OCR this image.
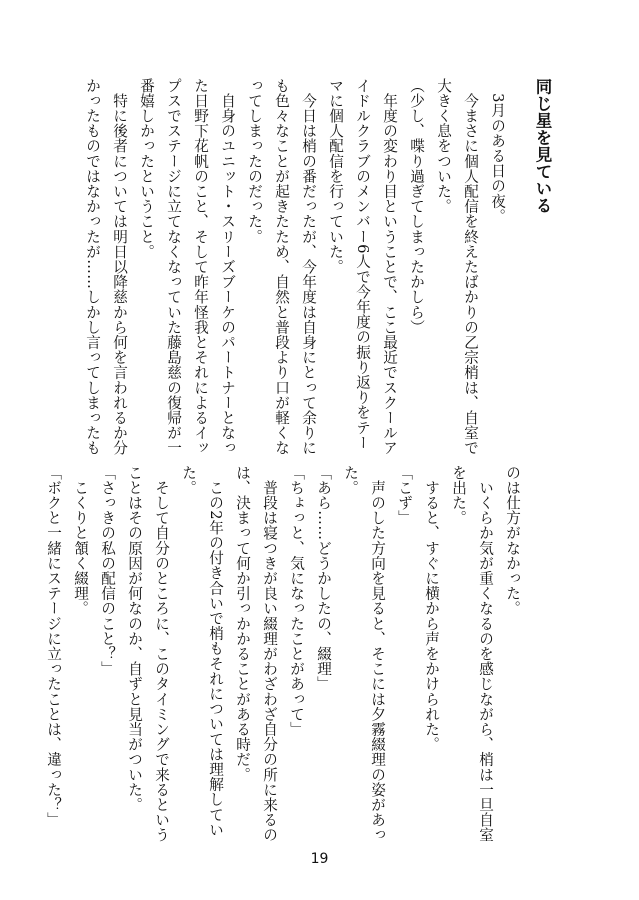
同じ星を見ている
　3月のある日の夜。
　今まさに個人配信を終えたばかりの乙宗梢は、自室で
大きく息をついた。
（少し、喋り過ぎてしまったかしら）
　年度の変わり目ということで、ここ最近でスクールア
イドルクラブのメンバー6人で今年度の振り返りをテー
マに個人配信を行っていた。
　今日は梢の番だったが、今年度は自身にとって余りに
も色々なことが起きたため、自然と普段より口が軽くな
ってしまったのだった。
　自身のユニット・スリーズブーケのパートナーとなっ
た日野下花帆のこと、そして昨年怪我とそれによるイッ
プスでステージに立てなくなっていた藤島慈の復帰が一
番嬉しかったということ。
　特に後者については明日以降慈から何を言われるか分
かったものではなかったが……しかし言ってしまったも
のは仕方がなかった。
　いくらか気が重くなるのを感じながら、梢は一旦自室
を出た。
　すると、すぐに横から声をかけられた。
「こず」
　声のした方向を見ると、そこには夕霧綴理の姿があっ
た。
「あら……どうかしたの、綴理」
「ちょっと、気になったことがあって」
　普段は寝つきが良い綴理がわざわざ自分の所に来るの
は、決まって何か引っかかることがある時だ。
　この2年の付き合いで梢もそれについては理解してい
た。
　そして自分のところに、このタイミングで来るという
ことはその原因が何なのか、自ずと見当がついた。
「さっきの私の配信のこと？」
　こくりと頷く綴理。
「ボクと一緒にステージに立ったことは、違った？」
19
